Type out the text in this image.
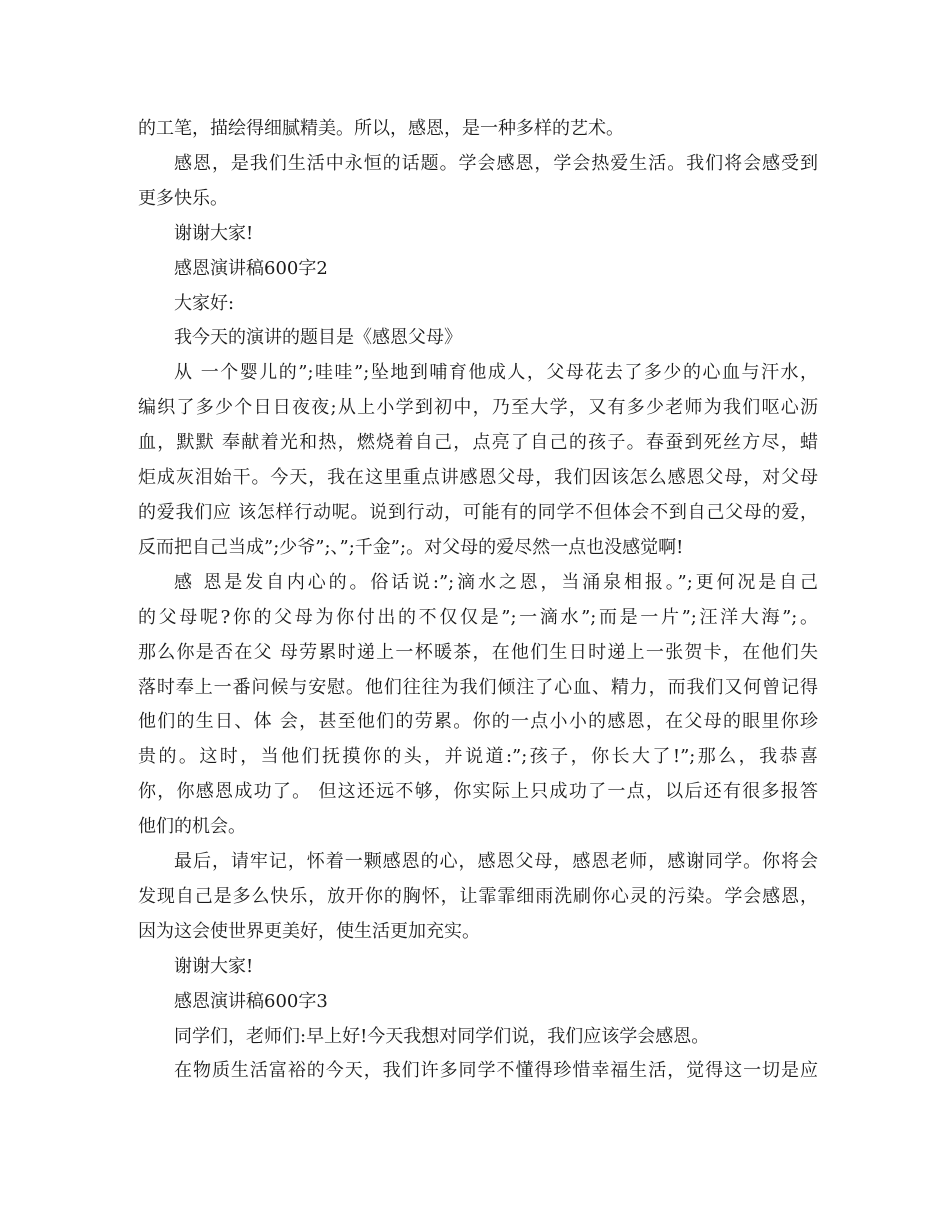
的工笔，描绘得细腻精美。所以，感恩，是一种多样的艺术。
感恩，是我们生活中永恒的话题。学会感恩，学会热爱生活。我们将会感受到
更多快乐。
谢谢大家!
感恩演讲稿600字2
大家好:
我今天的演讲的题目是《感恩父母》
从 一个婴儿的”;哇哇”;坠地到哺育他成人，父母花去了多少的心血与汗水，
编织了多少个日日夜夜;从上小学到初中，乃至大学，又有多少老师为我们呕心沥
血，默默 奉献着光和热，燃烧着自己，点亮了自己的孩子。春蚕到死丝方尽，蜡
炬成灰泪始干。今天，我在这里重点讲感恩父母，我们因该怎么感恩父母，对父母
的爱我们应 该怎样行动呢。说到行动，可能有的同学不但体会不到自己父母的爱，
反而把自己当成”;少爷”;、”;千金”;。对父母的爱尽然一点也没感觉啊!
感 恩是发自内心的。俗话说:”;滴水之恩，当涌泉相报。”;更何况是自己
的父母呢?你的父母为你付出的不仅仅是”;一滴水”;而是一片”;汪洋大海”;。
那么你是否在父 母劳累时递上一杯暖茶，在他们生日时递上一张贺卡，在他们失
落时奉上一番问候与安慰。他们往往为我们倾注了心血、精力，而我们又何曾记得
他们的生日、体 会，甚至他们的劳累。你的一点小小的感恩，在父母的眼里你珍
贵的。这时，当他们抚摸你的头，并说道:”;孩子，你长大了!”;那么，我恭喜
你，你感恩成功了。 但这还远不够，你实际上只成功了一点，以后还有很多报答
他们的机会。
最后，请牢记，怀着一颗感恩的心，感恩父母，感恩老师，感谢同学。你将会
发现自己是多么快乐，放开你的胸怀，让霏霏细雨洗刷你心灵的污染。学会感恩，
因为这会使世界更美好，使生活更加充实。
谢谢大家!
感恩演讲稿600字3
同学们，老师们:早上好!今天我想对同学们说，我们应该学会感恩。
在物质生活富裕的今天，我们许多同学不懂得珍惜幸福生活，觉得这一切是应
